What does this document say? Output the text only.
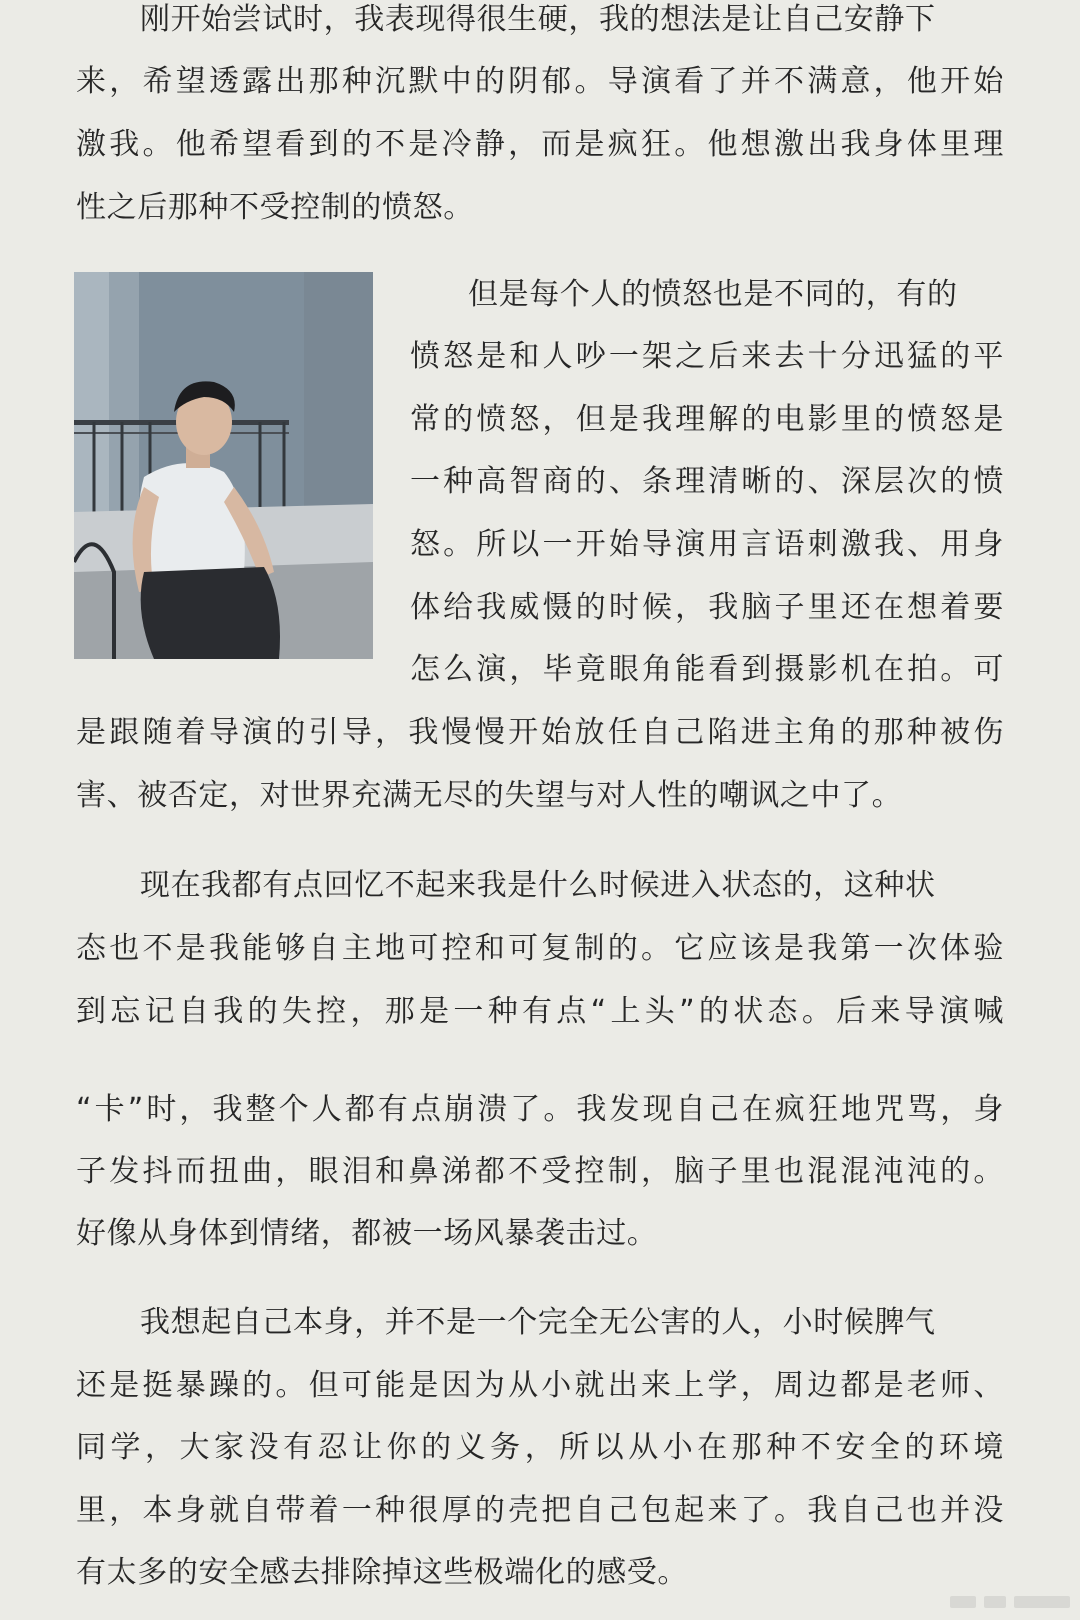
刚开始尝试时，我表现得很生硬，我的想法是让自己安静下

来，希望透露出那种沉默中的阴郁。导演看了并不满意，他开始

激我。他希望看到的不是冷静，而是疯狂。他想激出我身体里理

性之后那种不受控制的愤怒。

但是每个人的愤怒也是不同的，有的

愤怒是和人吵一架之后来去十分迅猛的平

常的愤怒，但是我理解的电影里的愤怒是

一种高智商的、条理清晰的、深层次的愤

怒。所以一开始导演用言语刺激我、用身

体给我威慑的时候，我脑子里还在想着要

怎么演，毕竟眼角能看到摄影机在拍。可

是跟随着导演的引导，我慢慢开始放任自己陷进主角的那种被伤

害、被否定，对世界充满无尽的失望与对人性的嘲讽之中了。

现在我都有点回忆不起来我是什么时候进入状态的，这种状

态也不是我能够自主地可控和可复制的。它应该是我第一次体验

到忘记自我的失控，那是一种有点“上头”的状态。后来导演喊

“卡”时，我整个人都有点崩溃了。我发现自己在疯狂地咒骂，身

子发抖而扭曲，眼泪和鼻涕都不受控制，脑子里也混混沌沌的。

好像从身体到情绪，都被一场风暴袭击过。

我想起自己本身，并不是一个完全无公害的人，小时候脾气

还是挺暴躁的。但可能是因为从小就出来上学，周边都是老师、

同学，大家没有忍让你的义务，所以从小在那种不安全的环境

里，本身就自带着一种很厚的壳把自己包起来了。我自己也并没

有太多的安全感去排除掉这些极端化的感受。
